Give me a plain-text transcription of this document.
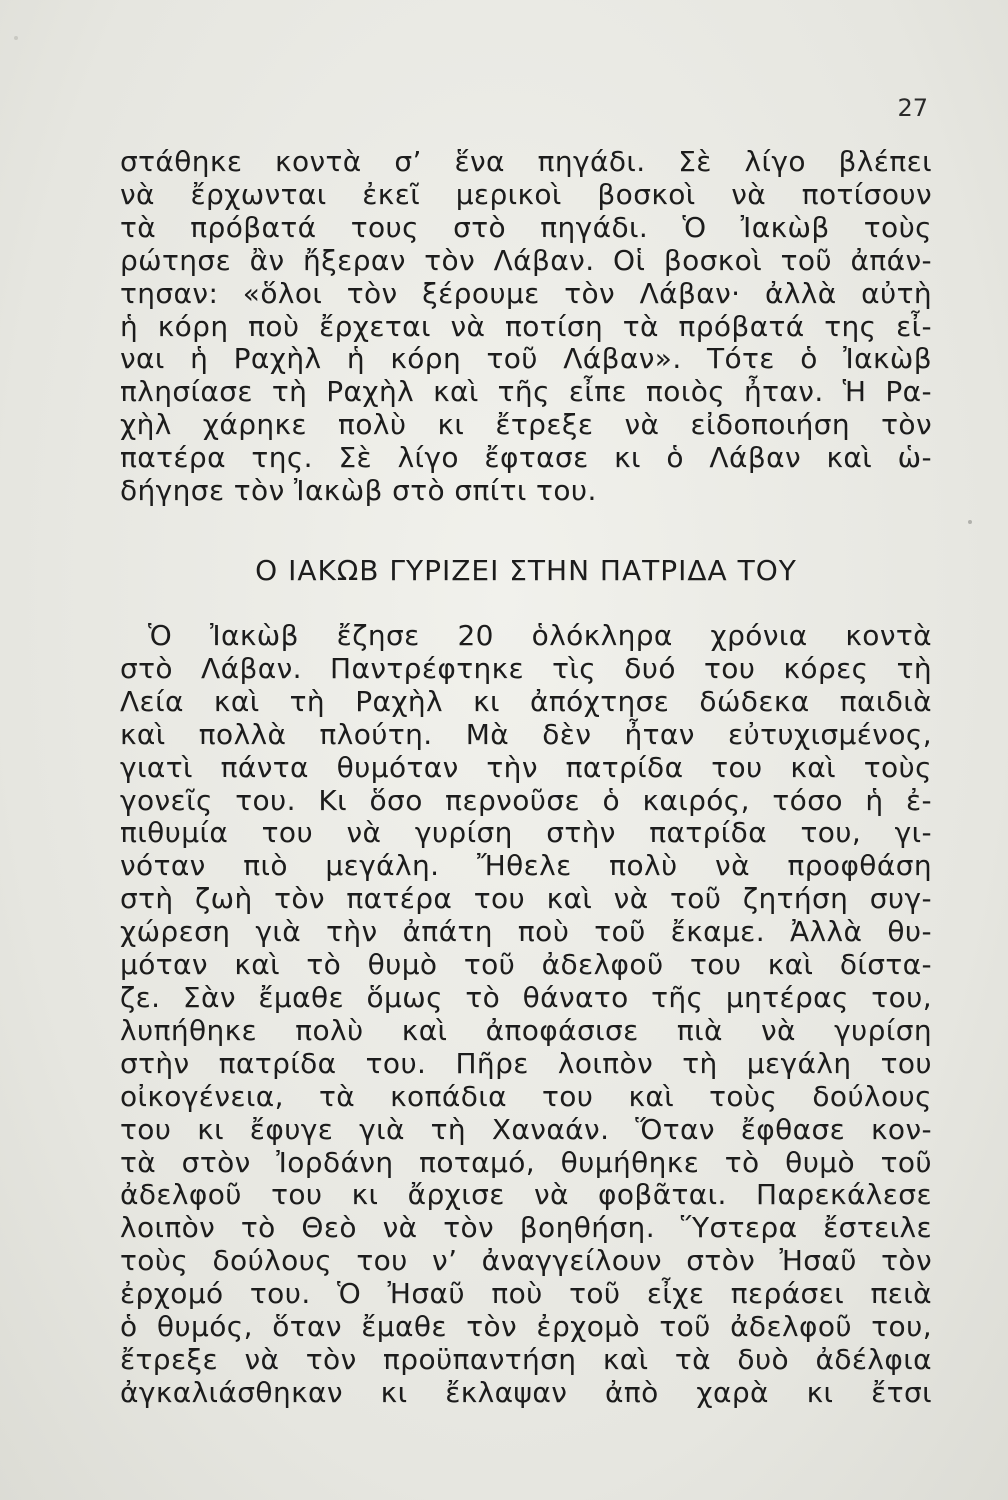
27
στάθηκε κοντὰ σ’ ἕνα πηγάδι. Σὲ λίγο βλέπει
νὰ ἔρχωνται ἐκεῖ μερικοὶ βοσκοὶ νὰ ποτίσουν
τὰ πρόβατά τους στὸ πηγάδι. Ὁ Ἰακὼβ τοὺς
ρώτησε ἂν ἤξεραν τὸν Λάβαν. Οἱ βοσκοὶ τοῦ ἀπάν-
τησαν: «ὅλοι τὸν ξέρουμε τὸν Λάβαν· ἀλλὰ αὐτὴ
ἡ κόρη ποὺ ἔρχεται νὰ ποτίση τὰ πρόβατά της εἶ-
ναι ἡ Ραχὴλ ἡ κόρη τοῦ Λάβαν». Τότε ὁ Ἰακὼβ
πλησίασε τὴ Ραχὴλ καὶ τῆς εἶπε ποιὸς ἦταν. Ἡ Ρα-
χὴλ χάρηκε πολὺ κι ἔτρεξε νὰ εἰδοποιήση τὸν
πατέρα της. Σὲ λίγο ἔφτασε κι ὁ Λάβαν καὶ ὡ-
δήγησε τὸν Ἰακὼβ στὸ σπίτι του.
Ο ΙΑΚΩΒ ΓΥΡΙΖΕΙ ΣΤΗΝ ΠΑΤΡΙΔΑ ΤΟΥ
Ὁ Ἰακὼβ ἔζησε 20 ὁλόκληρα χρόνια κοντὰ
στὸ Λάβαν. Παντρέφτηκε τὶς δυό του κόρες τὴ
Λεία καὶ τὴ Ραχὴλ κι ἀπόχτησε δώδεκα παιδιὰ
καὶ πολλὰ πλούτη. Μὰ δὲν ἦταν εὐτυχισμένος,
γιατὶ πάντα θυμόταν τὴν πατρίδα του καὶ τοὺς
γονεῖς του. Κι ὅσο περνοῦσε ὁ καιρός, τόσο ἡ ἐ-
πιθυμία του νὰ γυρίση στὴν πατρίδα του, γι-
νόταν πιὸ μεγάλη. Ἤθελε πολὺ νὰ προφθάση
στὴ ζωὴ τὸν πατέρα του καὶ νὰ τοῦ ζητήση συγ-
χώρεση γιὰ τὴν ἀπάτη ποὺ τοῦ ἔκαμε. Ἀλλὰ θυ-
μόταν καὶ τὸ θυμὸ τοῦ ἀδελφοῦ του καὶ δίστα-
ζε. Σὰν ἔμαθε ὅμως τὸ θάνατο τῆς μητέρας του,
λυπήθηκε πολὺ καὶ ἀποφάσισε πιὰ νὰ γυρίση
στὴν πατρίδα του. Πῆρε λοιπὸν τὴ μεγάλη του
οἰκογένεια, τὰ κοπάδια του καὶ τοὺς δούλους
του κι ἔφυγε γιὰ τὴ Χαναάν. Ὅταν ἔφθασε κον-
τὰ στὸν Ἰορδάνη ποταμό, θυμήθηκε τὸ θυμὸ τοῦ
ἀδελφοῦ του κι ἄρχισε νὰ φοβᾶται. Παρεκάλεσε
λοιπὸν τὸ Θεὸ νὰ τὸν βοηθήση. Ὕστερα ἔστειλε
τοὺς δούλους του ν’ ἀναγγείλουν στὸν Ἠσαῦ τὸν
ἐρχομό του. Ὁ Ἠσαῦ ποὺ τοῦ εἶχε περάσει πειὰ
ὁ θυμός, ὅταν ἔμαθε τὸν ἐρχομὸ τοῦ ἀδελφοῦ του,
ἔτρεξε νὰ τὸν προϋπαντήση καὶ τὰ δυὸ ἀδέλφια
ἀγκαλιάσθηκαν κι ἔκλαψαν ἀπὸ χαρὰ κι ἔτσι
